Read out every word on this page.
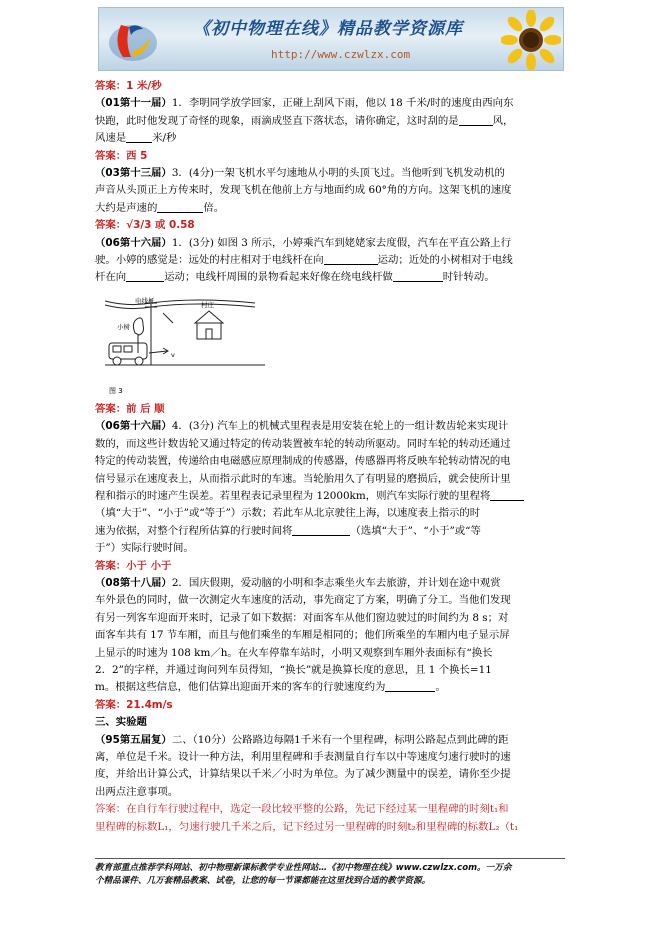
《初中物理在线》精品教学资源库
http://www.czwlzx.com

答案：1 米/秒

（01第十一届）1．李明同学放学回家，正碰上刮风下雨，他以 18 千米/时的速度由西向东

快跑，此时他发现了奇怪的现象，雨滴成竖直下落状态，请你确定，这时刮的是	风，

风速是	米/秒

答案：西 5

（03第十三届）3．(4分)一架飞机水平匀速地从小明的头顶飞过。当他听到飞机发动机的

声音从头顶正上方传来时，发现飞机在他前上方与地面约成 60°角的方向。这架飞机的速度

大约是声速的	倍。

答案：√3/3 或 0.58

（06第十六届）1．(3分) 如图 3 所示，小婷乘汽车到姥姥家去度假，汽车在平直公路上行

驶。小婷的感觉是：远处的村庄相对于电线杆在向	运动；近处的小树相对于电线

杆在向	运动；电线杆周围的景物看起来好像在绕电线杆做	时针转动。

电线杆	村庄
小树
v
图 3

答案：前 后 顺

（06第十六届）4．(3分) 汽车上的机械式里程表是用安装在轮上的一组计数齿轮来实现计

数的，而这些计数齿轮又通过特定的传动装置被车轮的转动所驱动。同时车轮的转动还通过

特定的传动装置，传递给由电磁感应原理制成的传感器，传感器再将反映车轮转动情况的电

信号显示在速度表上，从而指示此时的车速。当轮胎用久了有明显的磨损后，就会使所计里

程和指示的时速产生误差。若里程表记录里程为 12000km，则汽车实际行驶的里程将

（填“大于”、“小于”或“等于”）示数；若此车从北京驶往上海，以速度表上指示的时

速为依据，对整个行程所估算的行驶时间将	（选填“大于”、“小于”或“等

于”）实际行驶时间。

答案：小于 小于

（08第十八届）2．国庆假期，爱动脑的小明和李志乘坐火车去旅游，并计划在途中观赏

车外景色的同时，做一次测定火车速度的活动，事先商定了方案，明确了分工。当他们发现

有另一列客车迎面开来时，记录了如下数据：对面客车从他们窗边驶过的时间约为 8 s；对

面客车共有 17 节车厢，而且与他们乘坐的车厢是相同的；他们所乘坐的车厢内电子显示屏

上显示的时速为 108 km／h。在火车停靠车站时，小明又观察到车厢外表面标有“换长

2．2”的字样，并通过询问列车员得知，“换长”就是换算长度的意思，且 1 个换长=11

m。根据这些信息，他们估算出迎面开来的客车的行驶速度约为	。

答案：21.4m/s

三、实验题

（95第五届复）二、（10分）公路路边每隔1千米有一个里程碑，标明公路起点到此碑的距

离，单位是千米。设计一种方法，利用里程碑和手表测量自行车以中等速度匀速行驶时的速

度，并给出计算公式，计算结果以千米／小时为单位。为了减少测量中的误差，请你至少提

出两点注意事项。

答案：在自行车行驶过程中，选定一段比较平整的公路，先记下经过某一里程碑的时刻t₁和

里程碑的标数L₁，匀速行驶几千米之后，记下经过另一里程碑的时刻t₂和里程碑的标数L₂（t₁

教育部重点推荐学科网站、初中物理新课标教学专业性网站…《初中物理在线》www.czwlzx.com。一万余
个精品课件、几万套精品教案、试卷，让您的每一节课都能在这里找到合适的教学资源。
